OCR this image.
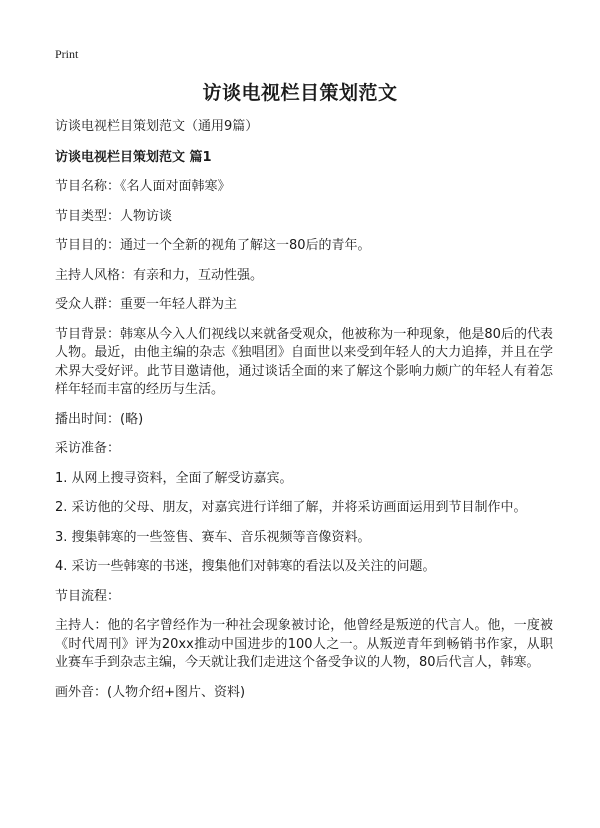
Print
访谈电视栏目策划范文

访谈电视栏目策划范文（通用9篇）

访谈电视栏目策划范文 篇1

节目名称：《名人面对面韩寒》

节目类型：人物访谈

节目目的：通过一个全新的视角了解这一80后的青年。

主持人风格：有亲和力，互动性强。

受众人群：重要一年轻人群为主

节目背景：韩寒从今入人们视线以来就备受观众，他被称为一种现象，他是80后的代表人物。最近，由他主编的杂志《独唱团》自面世以来受到年轻人的大力追捧，并且在学术界大受好评。此节目邀请他，通过谈话全面的来了解这个影响力颇广的年轻人有着怎样年轻而丰富的经历与生活。

播出时间：(略)

采访准备：

1. 从网上搜寻资料，全面了解受访嘉宾。

2. 采访他的父母、朋友，对嘉宾进行详细了解，并将采访画面运用到节目制作中。

3. 搜集韩寒的一些签售、赛车、音乐视频等音像资料。

4. 采访一些韩寒的书迷，搜集他们对韩寒的看法以及关注的问题。

节目流程：

主持人：他的名字曾经作为一种社会现象被讨论，他曾经是叛逆的代言人。他，一度被《时代周刊》评为20xx推动中国进步的100人之一。从叛逆青年到畅销书作家，从职业赛车手到杂志主编，今天就让我们走进这个备受争议的人物，80后代言人，韩寒。

画外音：(人物介绍+图片、资料)
